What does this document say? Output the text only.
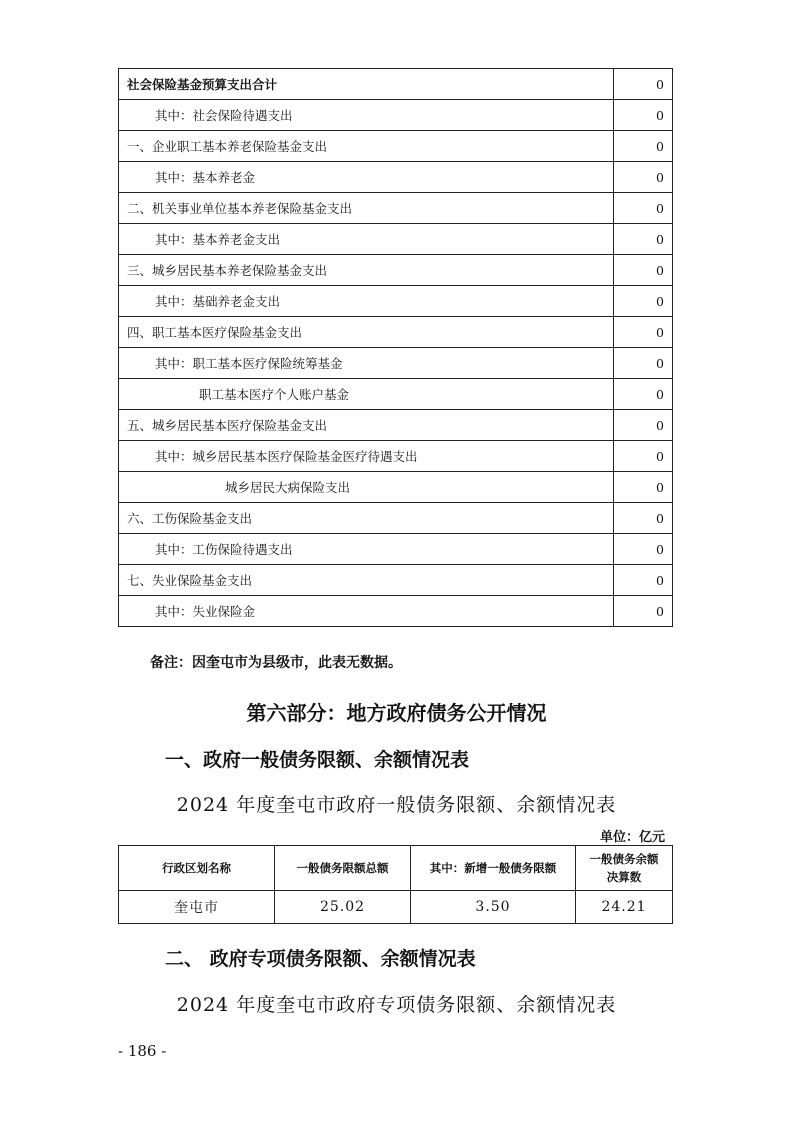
社会保险基金预算支出合计	0
其中：社会保险待遇支出	0
一、企业职工基本养老保险基金支出	0
其中：基本养老金	0
二、机关事业单位基本养老保险基金支出	0
其中：基本养老金支出	0
三、城乡居民基本养老保险基金支出	0
其中：基础养老金支出	0
四、职工基本医疗保险基金支出	0
其中：职工基本医疗保险统筹基金	0
职工基本医疗个人账户基金	0
五、城乡居民基本医疗保险基金支出	0
其中：城乡居民基本医疗保险基金医疗待遇支出	0
城乡居民大病保险支出	0
六、工伤保险基金支出	0
其中：工伤保险待遇支出	0
七、失业保险基金支出	0
其中：失业保险金	0
备注：因奎屯市为县级市，此表无数据。
第六部分：地方政府债务公开情况
一、政府一般债务限额、余额情况表
2024 年度奎屯市政府一般债务限额、余额情况表
单位：亿元
行政区划名称	一般债务限额总额	其中：新增一般债务限额	一般债务余额决算数
奎屯市	25.02	3.50	24.21
二、 政府专项债务限额、余额情况表
2024 年度奎屯市政府专项债务限额、余额情况表
- 186 -
